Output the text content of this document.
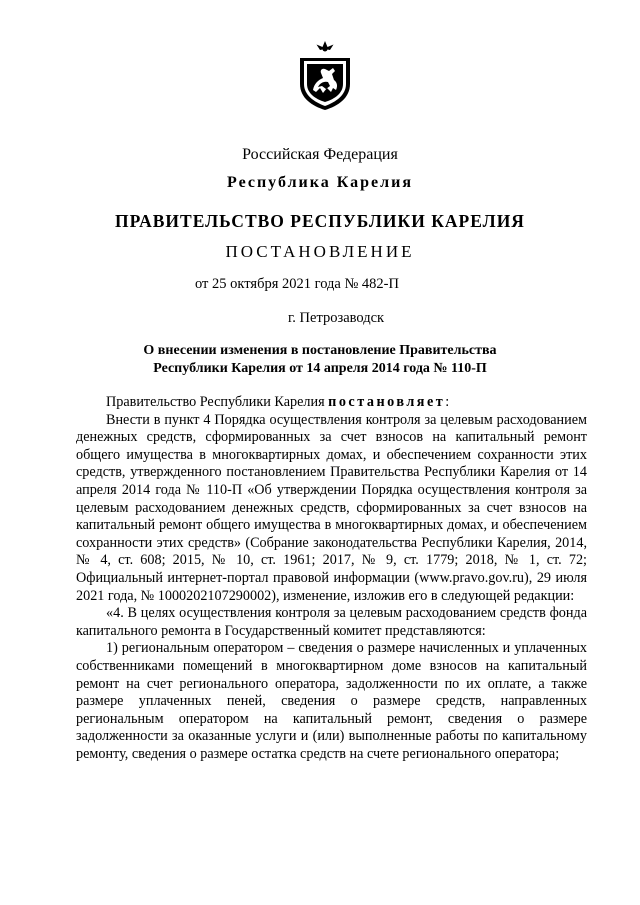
Российская Федерация
Республика Карелия
ПРАВИТЕЛЬСТВО РЕСПУБЛИКИ КАРЕЛИЯ
ПОСТАНОВЛЕНИЕ
от 25 октября 2021 года № 482-П
г. Петрозаводск
О внесении изменения в постановление Правительства
Республики Карелия от 14 апреля 2014 года № 110-П

Правительство Республики Карелия постановляет:

Внести в пункт 4 Порядка осуществления контроля за целевым расходованием денежных средств, сформированных за счет взносов на капитальный ремонт общего имущества в многоквартирных домах, и обеспечением сохранности этих средств, утвержденного постановлением Правительства Республики Карелия от 14 апреля 2014 года № 110-П «Об утверждении Порядка осуществления контроля за целевым расходованием денежных средств, сформированных за счет взносов на капитальный ремонт общего имущества в многоквартирных домах, и обеспечением сохранности этих средств» (Собрание законодательства Республики Карелия, 2014, № 4, ст. 608; 2015, № 10, ст. 1961; 2017, № 9, ст. 1779; 2018, № 1, ст. 72; Официальный интернет-портал правовой информации (www.pravo.gov.ru), 29 июля 2021 года, № 1000202107290002), изменение, изложив его в следующей редакции:

«4. В целях осуществления контроля за целевым расходованием средств фонда капитального ремонта в Государственный комитет представляются:

1) региональным оператором – сведения о размере начисленных и уплаченных собственниками помещений в многоквартирном доме взносов на капитальный ремонт на счет регионального оператора, задолженности по их оплате, а также размере уплаченных пеней, сведения о размере средств, направленных региональным оператором на капитальный ремонт, сведения о размере задолженности за оказанные услуги и (или) выполненные работы по капитальному ремонту, сведения о размере остатка средств на счете регионального оператора;
